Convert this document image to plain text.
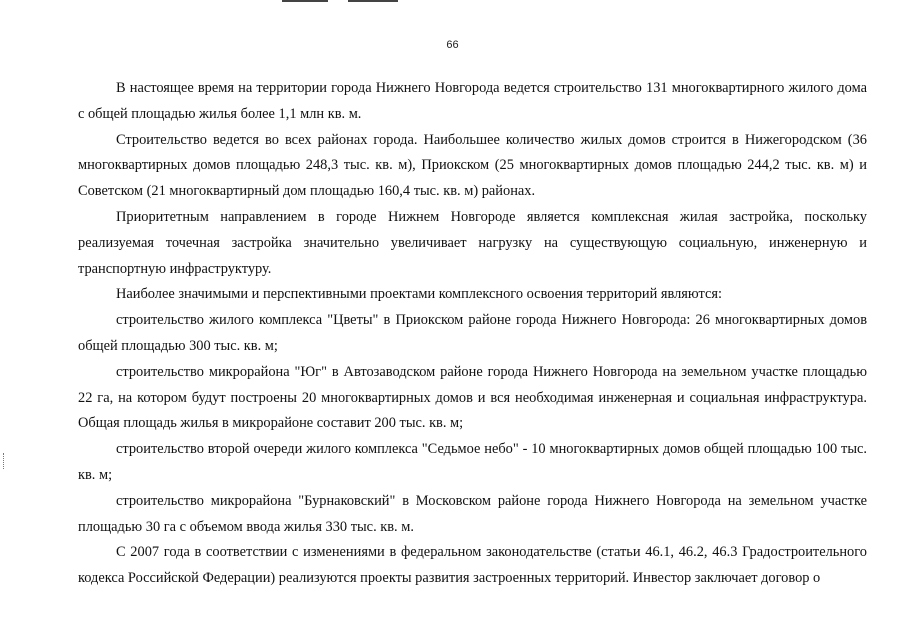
66

В настоящее время на территории города Нижнего Новгорода ведется строительство 131 многоквартирного жилого дома с общей площадью жилья более 1,1 млн кв. м.

Строительство ведется во всех районах города. Наибольшее количество жилых домов строится в Нижегородском (36 многоквартирных домов площадью 248,3 тыс. кв. м), Приокском (25 многоквартирных домов площадью 244,2 тыс. кв. м) и Советском (21 многоквартирный дом площадью 160,4 тыс. кв. м) районах.

Приоритетным направлением в городе Нижнем Новгороде является комплексная жилая застройка, поскольку реализуемая точечная застройка значительно увеличивает нагрузку на существующую социальную, инженерную и транспортную инфраструктуру.

Наиболее значимыми и перспективными проектами комплексного освоения территорий являются:

строительство жилого комплекса "Цветы" в Приокском районе города Нижнего Новгорода: 26 многоквартирных домов общей площадью 300 тыс. кв. м;

строительство микрорайона "Юг" в Автозаводском районе города Нижнего Новгорода на земельном участке площадью 22 га, на котором будут построены 20 многоквартирных домов и вся необходимая инженерная и социальная инфраструктура. Общая площадь жилья в микрорайоне составит 200 тыс. кв. м;

строительство второй очереди жилого комплекса "Седьмое небо" - 10 многоквартирных домов общей площадью 100 тыс. кв. м;

строительство микрорайона "Бурнаковский" в Московском районе города Нижнего Новгорода на земельном участке площадью 30 га с объемом ввода жилья 330 тыс. кв. м.

С 2007 года в соответствии с изменениями в федеральном законодательстве (статьи 46.1, 46.2, 46.3 Градостроительного кодекса Российской Федерации) реализуются проекты развития застроенных территорий. Инвестор заключает договор о
